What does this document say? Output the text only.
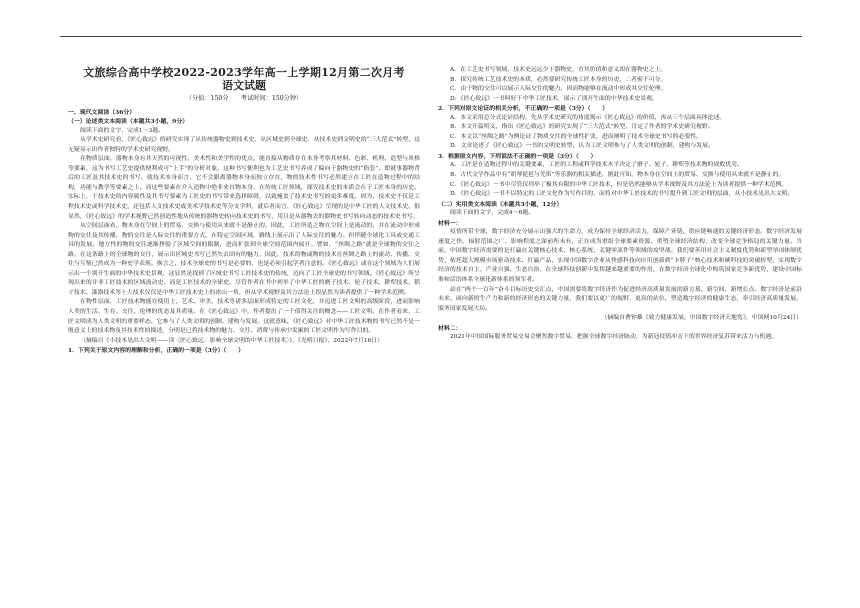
文旅综合高中学校2022-2023学年高一上学期12月第二次月考
语文试题
（分值：150分　　考试时间：150分钟）
一、现代文阅读（36分）
（一）论述类文本阅读（本题共3小题，9分）
阅读下面的文字，完成1～3题。
从学术史研究看，《匠心致远》的研究实现了从传统器物史到技术史、从区域史到全球史、从技术史到文明史的“三大范式”转型，这无疑显示出作者独特的学术史研究视野。
在物质层面，器物本身有其天然的可视性、美术性和美学性的优点，能直接从物质存在本身考察其材料、色彩、机理、造型与风格等要素，这为书写工艺史提供便利成可“上手”的分析对象。这种书写便利也为工艺史书写养成了偏向于器物史的“俗套”，即就事器物背后的工匠及其技术史的书写，就技术本身而言，它不会跟离器物本身而独立存在，物的技术性书写必然建立在工匠在造物过程中的结构，功能与教学等要素之上，而这些要素在介入造物中绝非来自物本身，在传统工匠领域，探究技术史的本质会在于工匠本身的历史。实际上，于技术史的内容属性及其书写要素为工匠史的书写带来选择障碍，以致掩盖了技术史书写的更多难度。因为，技术史不仅是工程技术史或科学技术史，还包括人文技术史或美术学技术史等分支学科，就后者而言，《匠心致远》呈现的是中华工匠的人文技术史。很显然，《匠心致远》的学术视野已然创造性地从传统的器物史转向技术史的书写，用且是从器物去的器物史书写转向动态的技术史书写。
从空间层面看，物本身在空间上的贸易、交换与使用从来就不是静止的，因此，工匠所造之物在空间上是流动的，并在流动中形成物的交往及其传播。物的交往是人际交往的重要方式，在特定空间区域，路线上展示出了人际交往的魅力。但伴随全球化工具或交通工具的发展，地方性的物的交往逐渐挣脱了区域空间的限制，进而扩张到全球空间范围内展开。譬如，“丝绸之路”就是全球物的交往之路。在这条路上的全球物的交往，展示出区域史书写已然失去固有的魅力，因此，技术的物或物的技术在丝绸之路上的流动、传播、交往与互鉴已然成为一种史学表现。换言之，技术全球史的书写是必要的，也是必须引起学者注意的。《匠心致远》或在这个领域为人们展示出一个别开生面的中华技术史景观，这显然是找到了区域史书写工匠技术史的传统，迈向了工匠全球史的书写领域。《匠心致远》所呈现出来的并非工匠技术的区域流动史，而是工匠技术的全球史。尽管作者在书中列举了中华工匠的磨子技术、轮子技术、耕犁技术、稻子技术、漆器技术等十大技术仅仅是中华工匠技术史上的冰山一角，但从学术视野及其方法论上很显然为读者提供了一种学术范例。
在物性层面，工匠技术物能在使用上，艺术、审美、技术等诸多层面形成特定的工匠文化，并迈进工匠文明的高级阶段，进而影响人类的生活、生存、交往、伦理的优态及其质量。在《匠心致远》中，作者提出了一个值得关注的概念——工匠文明。在作者看来，工匠文明成为人类文明的重要样态，它参与了人类文明的创制、建构与发展。这就意味，《匠心致远》对中华工匠技术物的书写已然不是一般意义上的技术物及其技术性的描述，分明是已将技术物的魅力、交往、消费与传承中发掘的工匠文明作为写作目的。
（摘编自《小技本见出大文明——读〈匠心致远：影响全球文明的中华工匠技术〉》，《光明日报》，2022年7月16日）
1．下列关于原文内容的理解和分析，正确的一项是（3分）（　　）
A．在工艺史书写领域，技术史远远少于器物史，直其价值和意义却在器物史之上。
B．探究传统工艺技术史的本质，必然要研究传统工匠本身的历史，二者密不可分。
C．由于物的交往可以展示人际交往的魅力，因而物能够在流动中形成其交往伦理。
D．《匠心致远》一书叫好于中华工匠技术，展示了别开生面的中华技术史景观。
2．下列对原文论证的相关分析，不正确的一项是（3分）（　　）
A．本文采用总分式论证结构，先从学术史研究的角度揭示《匠心致远》的价值，再从三个层面具体论述。
B．本文开篇明义，指出《匠心致远》的研究实现了“三大范式”转型，肯定了作者的学术史研究视野。
C．本文以“丝绸之路”为例论证了物质交往的全球性扩张，进而阐明了技术全球史书写的必要性。
D．文章论述了《匠心致远》一书的文明史转型，认为工匠文明参与了人类文明的创制、建构与发展。
3．根据原文内容，下列说法不正确的一项是（3分）（　　）
A．工匠是在造物过程中的关键要素，工匠的工程或科学技术水平决定了磨子、轮子、耕犁等技术物的成败优劣。
B．古代文学作品中有“胡琴琵琶与羌笛”等乐器的相关描述，据此可知，物本身在空间上的贸易、交换与使用从来就不是静止的。
C．《匠心致远》一书中尽管仅列举了极其有限的中华工匠技术，但是仍然能够从学术视野及其方法论上为读者提供一种学术范例。
D．《匠心致远》一书不以特定的工匠文化作为写作目的，而将对中华工匠技术的书写提升到工匠文明的层面，从小技术见出大文明。
（二）实用类文本阅读（本题共3小题，12分）
阅读下面的文字，完成4～6题。
材料一：
疫情所带全球，数字经济充分展示出强大的生命力，成为保持全球经济活力，保障产业链、供应链畅通的关键经济形态。数字经济发展速度之快、辐射范围之广、影响程度之深前所未有，正在成为重组全球要素资源、重塑全球经济结构、改变全球竞争格局的关键力量。当前，中国数字经济需要的是打赢在关键核心技术、核心系统、关键零部件等领域的攻坚战。我们要善用社会主义制度优势和新型举国体制优势，依托超大规模市场驱动技术、打赢产品，实现中国数字企业从快感科技向应用创新到“卡脖子”核心技术和硬科技的突破转型，实现数字经济的技术自主、产业自强、生态自治，在全球科技创新中发挥越来越重要的作用，在数字经济全球化中构筑国家竞争新优势，建设中国标准和话语体系全球化新体系的领军者。
站在“两个一百年”奋斗目标历史交汇点，中国需要将数字经济作为促进经济高质量发展的新方墓、新空间、新增长点。数字经济是前沿未来、面向新的生产力和新的经济形态的关键力量，我们要以更广的视野、更高的站位，塑造数字经济的健康生态，牵引经济高质量发展，服务国家发展大局。
（摘编自曹钟雄《致力健康发展，中国数字经济天地宽》，中国网10月24日）
材料二：
2021年中国国际服务贸易交易会聚焦数字贸易，把握全球数字经济脉动，为新冠疫情冲击下的世界经济复苏带来活力与机遇。
